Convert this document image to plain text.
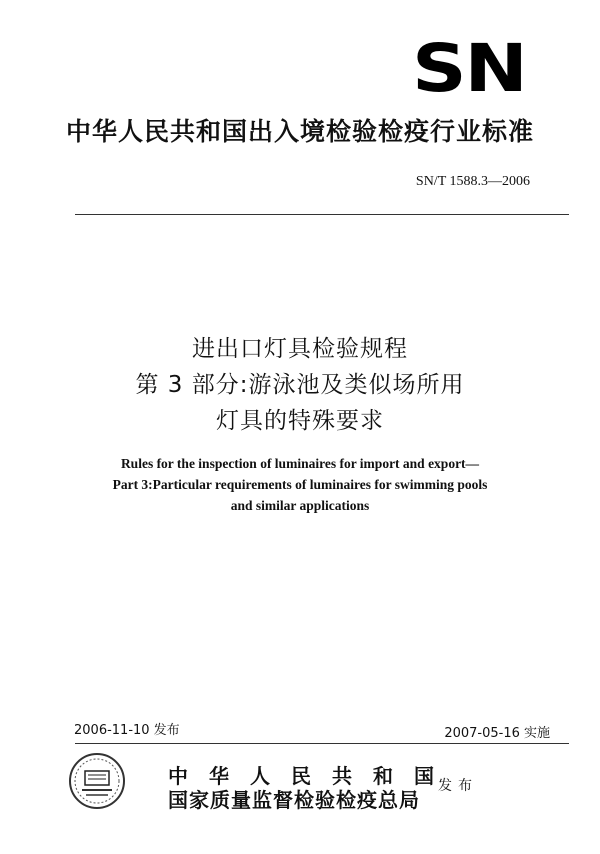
SN
中华人民共和国出入境检验检疫行业标准
SN/T 1588.3—2006
进出口灯具检验规程
第 3 部分:游泳池及类似场所用
灯具的特殊要求
Rules for the inspection of luminaires for import and export—
Part 3:Particular requirements of luminaires for swimming pools
and similar applications
2006-11-10 发布	2007-05-16 实施
中华人民共和国
国家质量监督检验检疫总局
发布
